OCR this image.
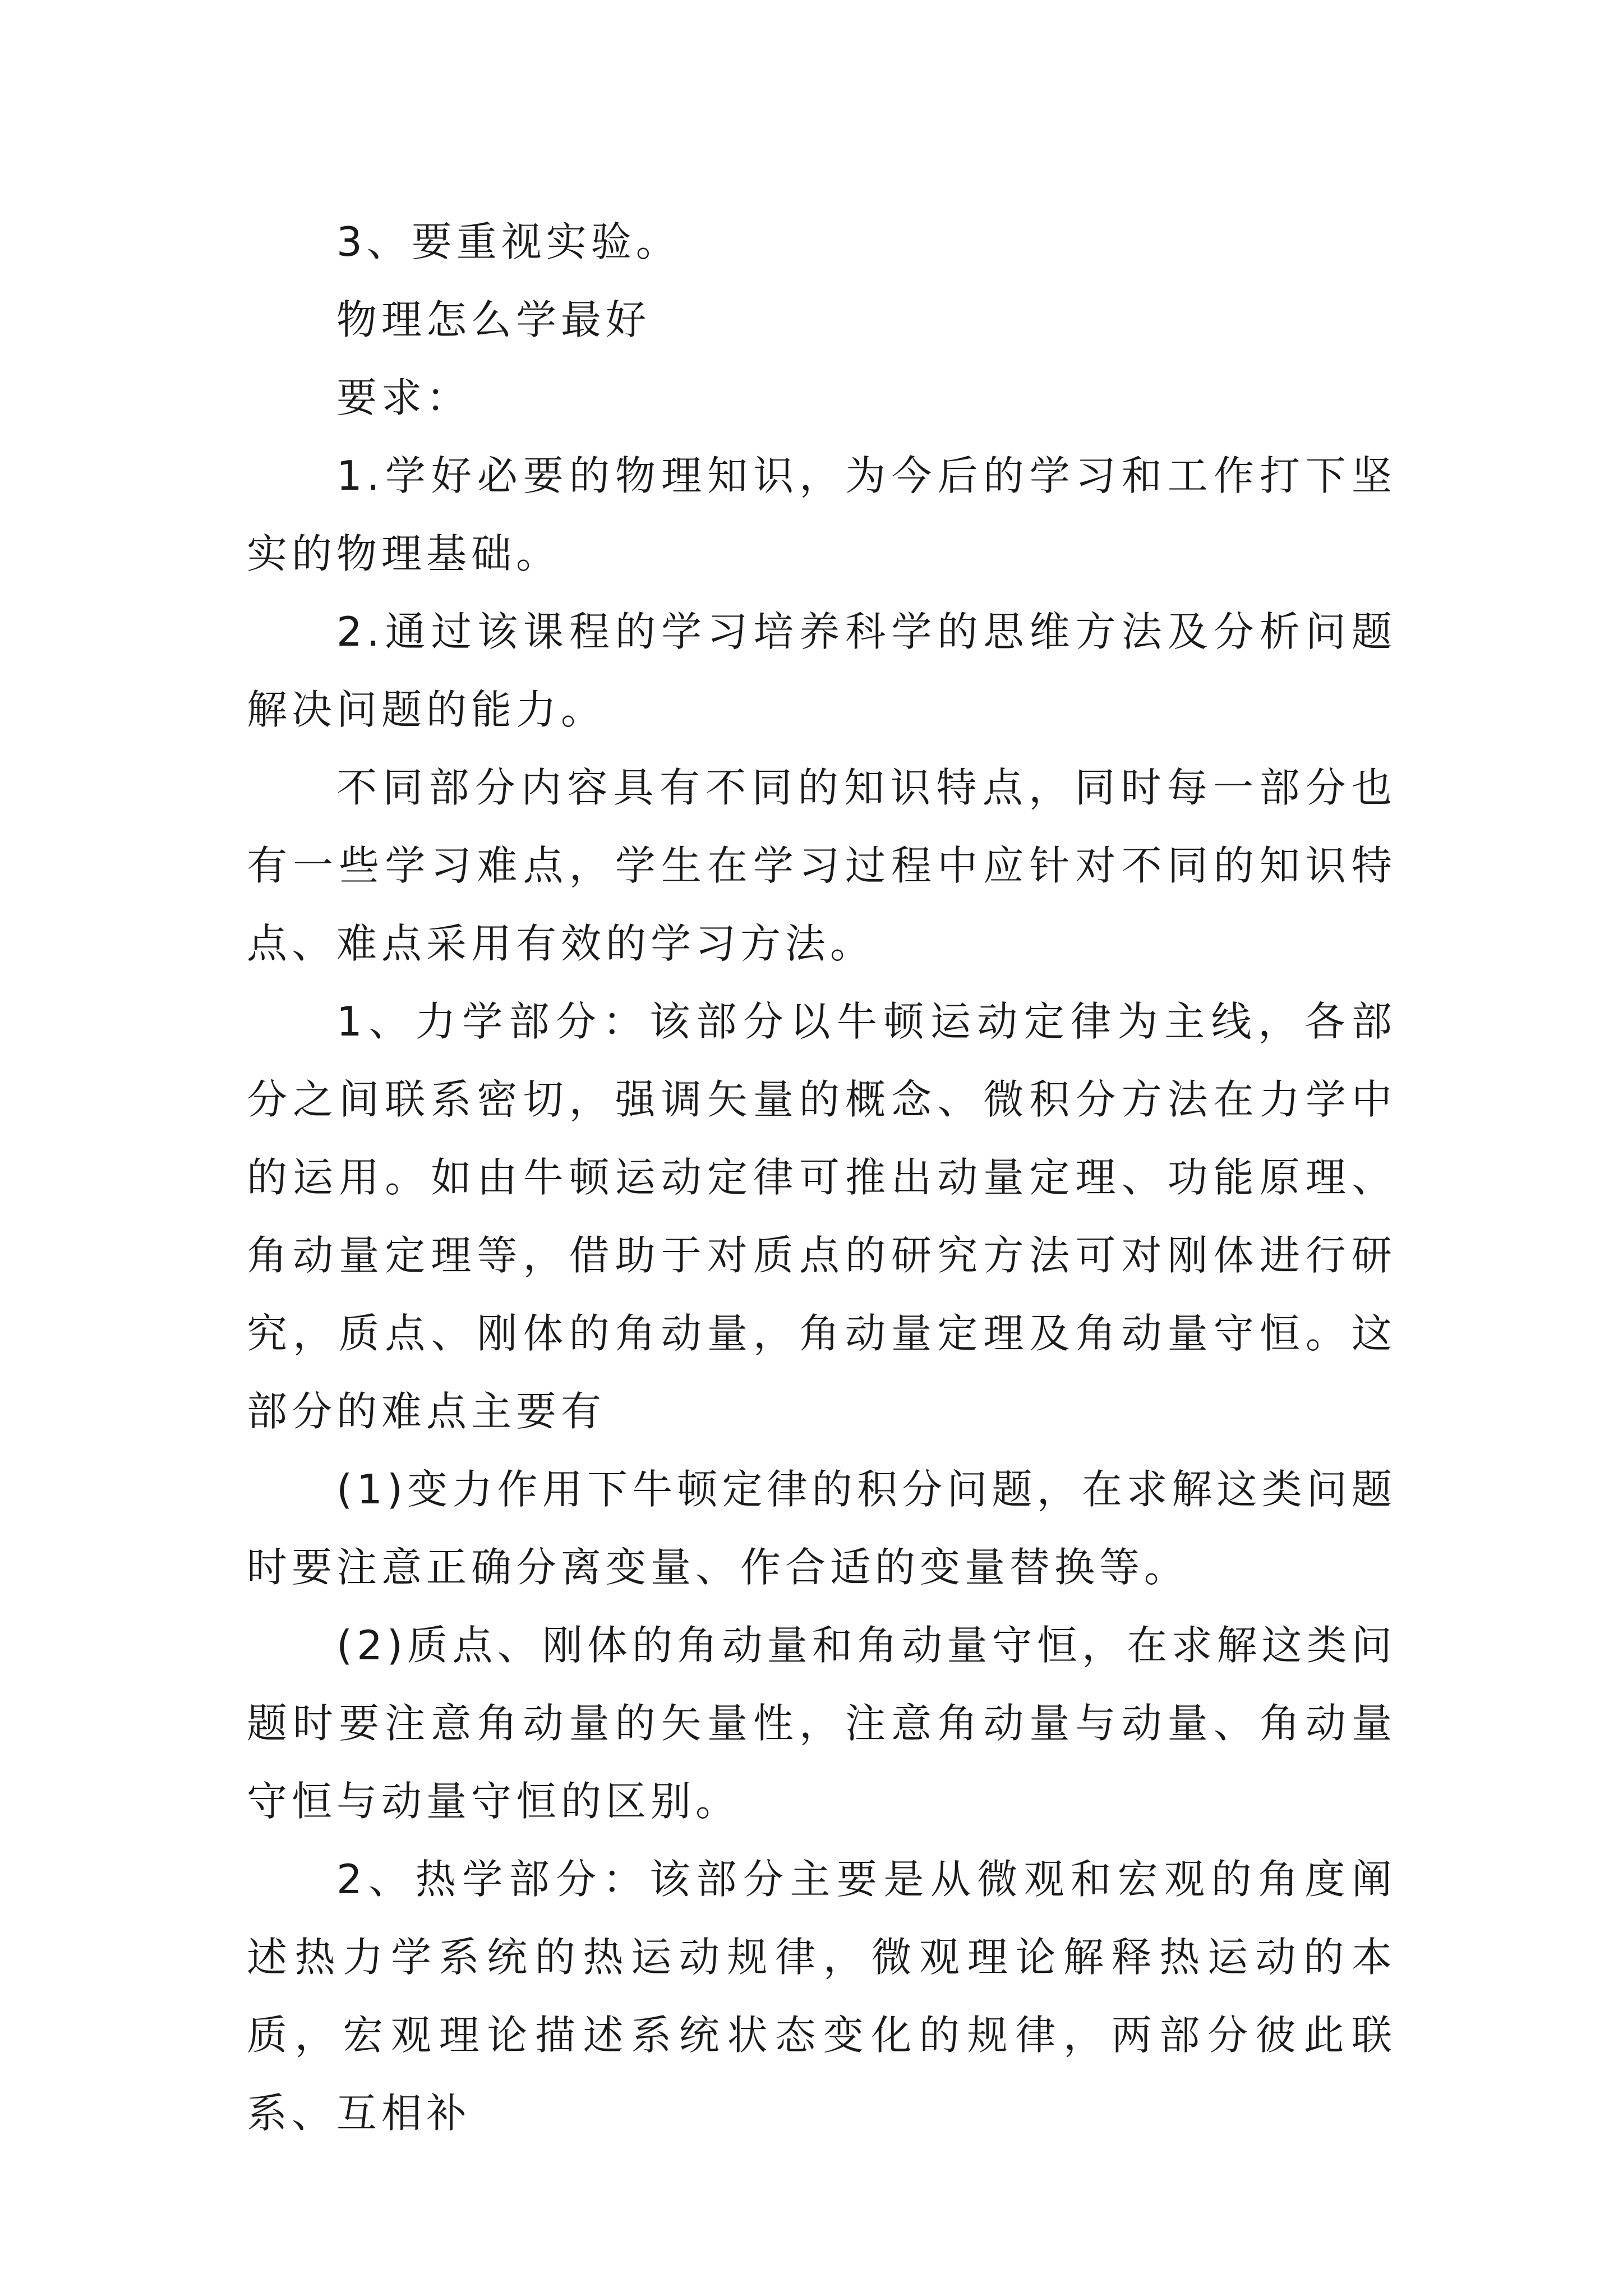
3、要重视实验。

物理怎么学最好

要求：

1.学好必要的物理知识，为今后的学习和工作打下坚实的物理基础。

2.通过该课程的学习培养科学的思维方法及分析问题解决问题的能力。

不同部分内容具有不同的知识特点，同时每一部分也有一些学习难点，学生在学习过程中应针对不同的知识特点、难点采用有效的学习方法。

1、力学部分：该部分以牛顿运动定律为主线，各部分之间联系密切，强调矢量的概念、微积分方法在力学中的运用。如由牛顿运动定律可推出动量定理、功能原理、角动量定理等，借助于对质点的研究方法可对刚体进行研究，质点、刚体的角动量，角动量定理及角动量守恒。这部分的难点主要有

(1)变力作用下牛顿定律的积分问题，在求解这类问题时要注意正确分离变量、作合适的变量替换等。

(2)质点、刚体的角动量和角动量守恒，在求解这类问题时要注意角动量的矢量性，注意角动量与动量、角动量守恒与动量守恒的区别。

2、热学部分：该部分主要是从微观和宏观的角度阐述热力学系统的热运动规律，微观理论解释热运动的本质，宏观理论描述系统状态变化的规律，两部分彼此联系、互相补
